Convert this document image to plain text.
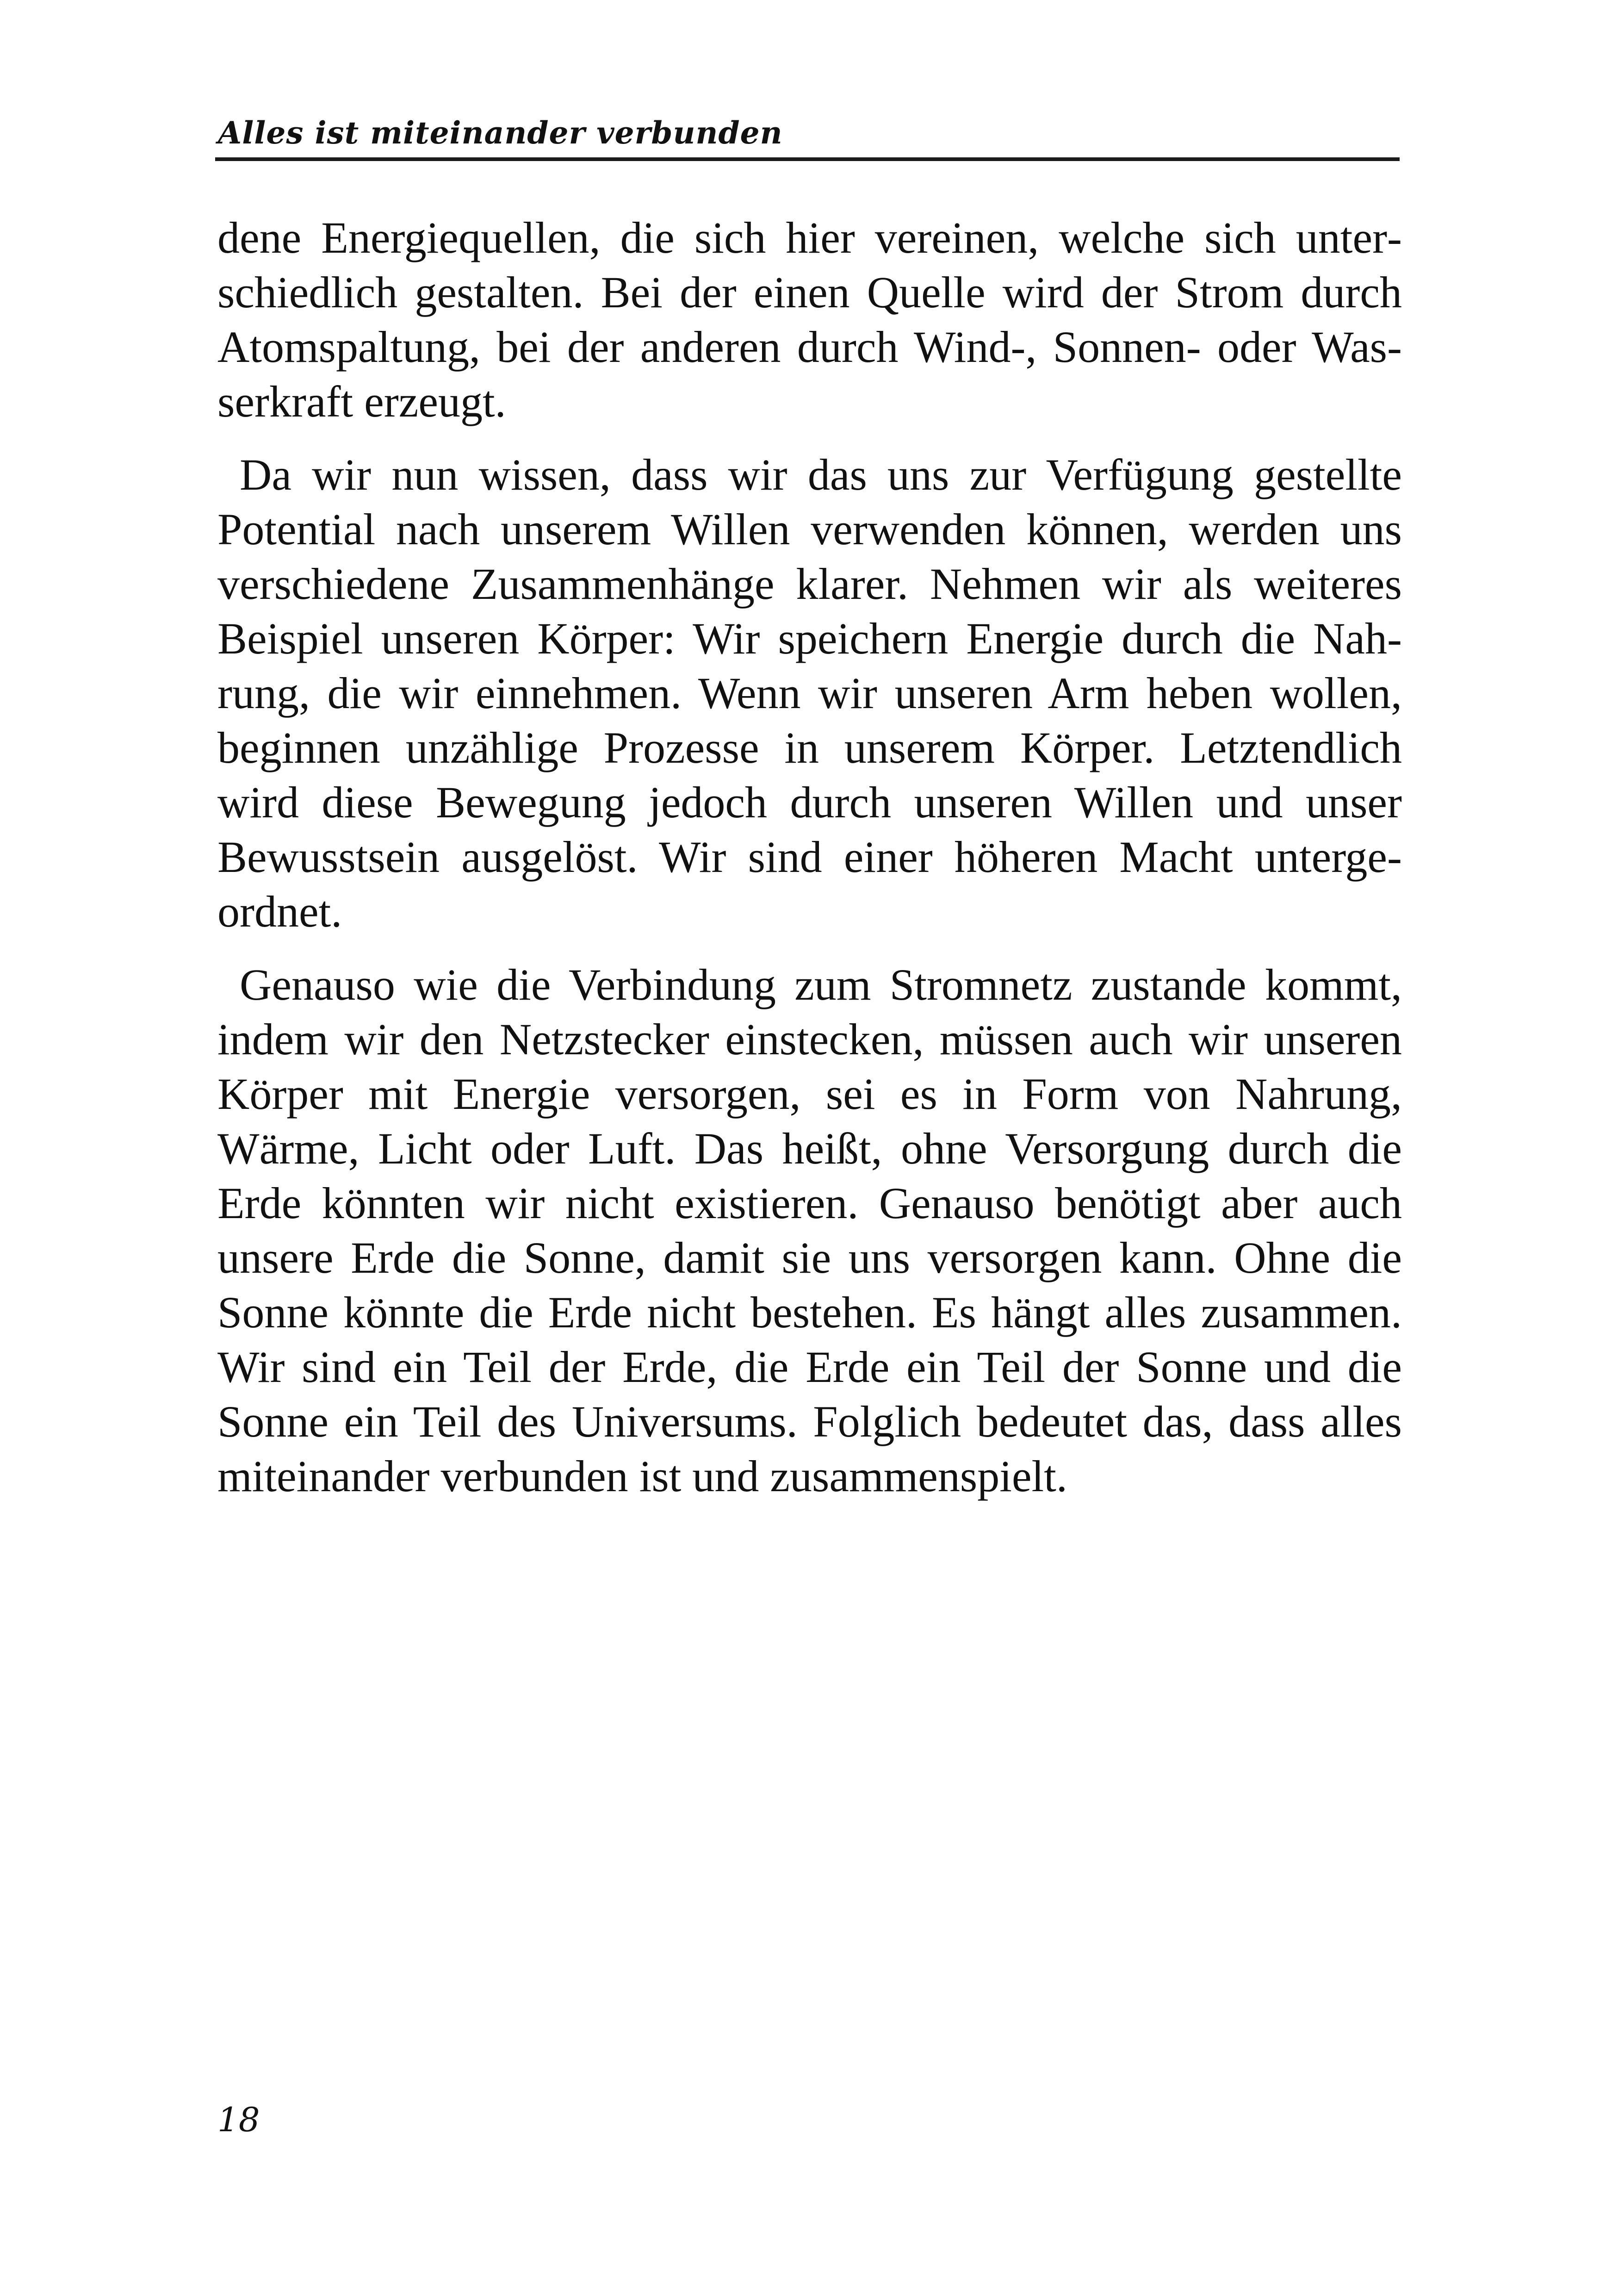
Alles ist miteinander verbunden

dene Energiequellen, die sich hier vereinen, welche sich unterschiedlich gestalten. Bei der einen Quelle wird der Strom durch Atomspaltung, bei der anderen durch Wind-, Sonnen- oder Wasserkraft erzeugt.

Da wir nun wissen, dass wir das uns zur Verfügung gestellte Potential nach unserem Willen verwenden können, werden uns verschiedene Zusammenhänge klarer. Nehmen wir als weiteres Beispiel unseren Körper: Wir speichern Energie durch die Nahrung, die wir einnehmen. Wenn wir unseren Arm heben wollen, beginnen unzählige Prozesse in unserem Körper. Letztendlich wird diese Bewegung jedoch durch unseren Willen und unser Bewusstsein ausgelöst. Wir sind einer höheren Macht untergeordnet.

Genauso wie die Verbindung zum Stromnetz zustande kommt, indem wir den Netzstecker einstecken, müssen auch wir unseren Körper mit Energie versorgen, sei es in Form von Nahrung, Wärme, Licht oder Luft. Das heißt, ohne Versorgung durch die Erde könnten wir nicht existieren. Genauso benötigt aber auch unsere Erde die Sonne, damit sie uns versorgen kann. Ohne die Sonne könnte die Erde nicht bestehen. Es hängt alles zusammen. Wir sind ein Teil der Erde, die Erde ein Teil der Sonne und die Sonne ein Teil des Universums. Folglich bedeutet das, dass alles miteinander verbunden ist und zusammenspielt.

18
